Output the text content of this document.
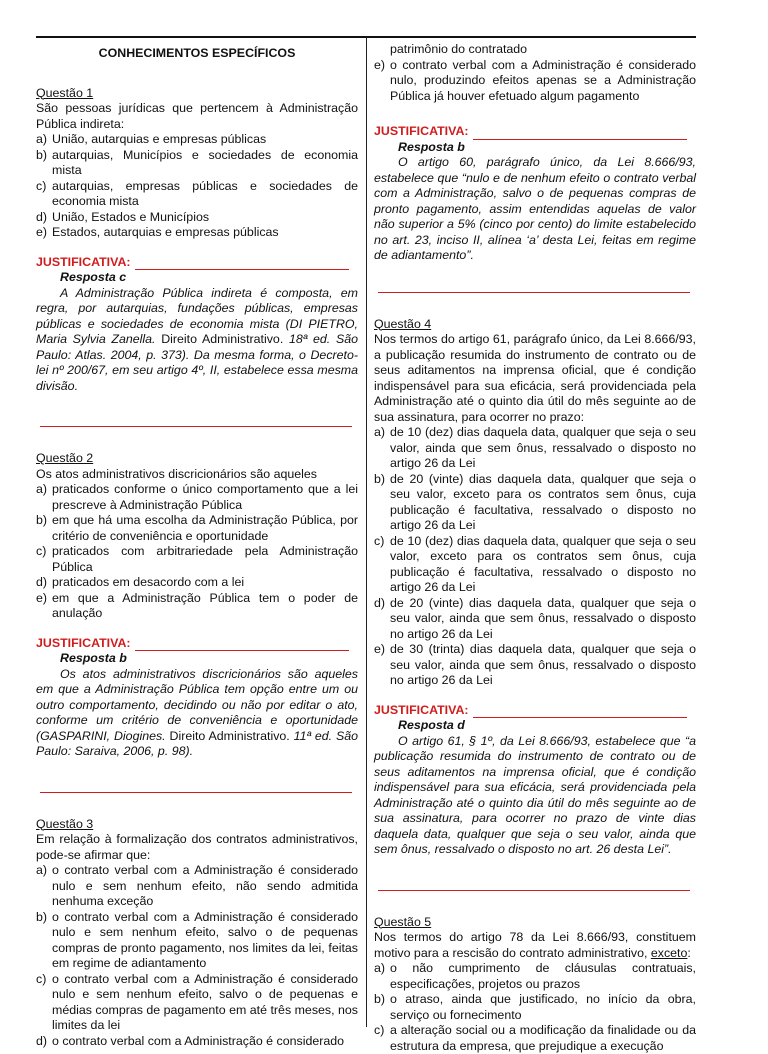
CONHECIMENTOS ESPECÍFICOS
Questão 1

São pessoas jurídicas que pertencem à Administração Pública indireta:

a) União, autarquias e empresas públicas
b) autarquias, Municípios e sociedades de economia mista
c) autarquias, empresas públicas e sociedades de economia mista
d) União, Estados e Municípios
e) Estados, autarquias e empresas públicas
JUSTIFICATIVA:
Resposta c

A Administração Pública indireta é composta, em regra, por autarquias, fundações públicas, empresas públicas e sociedades de economia mista (DI PIETRO, Maria Sylvia Zanella. Direito Administrativo. 18ª ed. São Paulo: Atlas. 2004, p. 373). Da mesma forma, o Decreto-lei nº 200/67, em seu artigo 4º, II, estabelece essa mesma divisão.

Questão 2

Os atos administrativos discricionários são aqueles

a) praticados conforme o único comportamento que a lei prescreve à Administração Pública
b) em que há uma escolha da Administração Pública, por critério de conveniência e oportunidade
c) praticados com arbitrariedade pela Administração Pública
d) praticados em desacordo com a lei
e) em que a Administração Pública tem o poder de anulação
JUSTIFICATIVA:
Resposta b

Os atos administrativos discricionários são aqueles em que a Administração Pública tem opção entre um ou outro comportamento, decidindo ou não por editar o ato, conforme um critério de conveniência e oportunidade (GASPARINI, Diogines. Direito Administrativo. 11ª ed. São Paulo: Saraiva, 2006, p. 98).

Questão 3

Em relação à formalização dos contratos administrativos, pode-se afirmar que:

a) o contrato verbal com a Administração é considerado nulo e sem nenhum efeito, não sendo admitida nenhuma exceção
b) o contrato verbal com a Administração é considerado nulo e sem nenhum efeito, salvo o de pequenas compras de pronto pagamento, nos limites da lei, feitas em regime de adiantamento
c) o contrato verbal com a Administração é considerado nulo e sem nenhum efeito, salvo o de pequenas e médias compras de pagamento em até três meses, nos limites da lei
d) o contrato verbal com a Administração é considerado
patrimônio do contratado
e) o contrato verbal com a Administração é considerado nulo, produzindo efeitos apenas se a Administração Pública já houver efetuado algum pagamento
JUSTIFICATIVA:
Resposta b

O artigo 60, parágrafo único, da Lei 8.666/93, estabelece que “nulo e de nenhum efeito o contrato verbal com a Administração, salvo o de pequenas compras de pronto pagamento, assim entendidas aquelas de valor não superior a 5% (cinco por cento) do limite estabelecido no art. 23, inciso II, alínea ‘a’ desta Lei, feitas em regime de adiantamento”.

Questão 4

Nos termos do artigo 61, parágrafo único, da Lei 8.666/93, a publicação resumida do instrumento de contrato ou de seus aditamentos na imprensa oficial, que é condição indispensável para sua eficácia, será providenciada pela Administração até o quinto dia útil do mês seguinte ao de sua assinatura, para ocorrer no prazo:

a) de 10 (dez) dias daquela data, qualquer que seja o seu valor, ainda que sem ônus, ressalvado o disposto no artigo 26 da Lei
b) de 20 (vinte) dias daquela data, qualquer que seja o seu valor, exceto para os contratos sem ônus, cuja publicação é facultativa, ressalvado o disposto no artigo 26 da Lei
c) de 10 (dez) dias daquela data, qualquer que seja o seu valor, exceto para os contratos sem ônus, cuja publicação é facultativa, ressalvado o disposto no artigo 26 da Lei
d) de 20 (vinte) dias daquela data, qualquer que seja o seu valor, ainda que sem ônus, ressalvado o disposto no artigo 26 da Lei
e) de 30 (trinta) dias daquela data, qualquer que seja o seu valor, ainda que sem ônus, ressalvado o disposto no artigo 26 da Lei
JUSTIFICATIVA:
Resposta d

O artigo 61, § 1º, da Lei 8.666/93, estabelece que “a publicação resumida do instrumento de contrato ou de seus aditamentos na imprensa oficial, que é condição indispensável para sua eficácia, será providenciada pela Administração até o quinto dia útil do mês seguinte ao de sua assinatura, para ocorrer no prazo de vinte dias daquela data, qualquer que seja o seu valor, ainda que sem ônus, ressalvado o disposto no art. 26 desta Lei”.

Questão 5

Nos termos do artigo 78 da Lei 8.666/93, constituem motivo para a rescisão do contrato administrativo, exceto:

a) o não cumprimento de cláusulas contratuais, especificações, projetos ou prazos
b) o atraso, ainda que justificado, no início da obra, serviço ou fornecimento
c) a alteração social ou a modificação da finalidade ou da estrutura da empresa, que prejudique a execução
